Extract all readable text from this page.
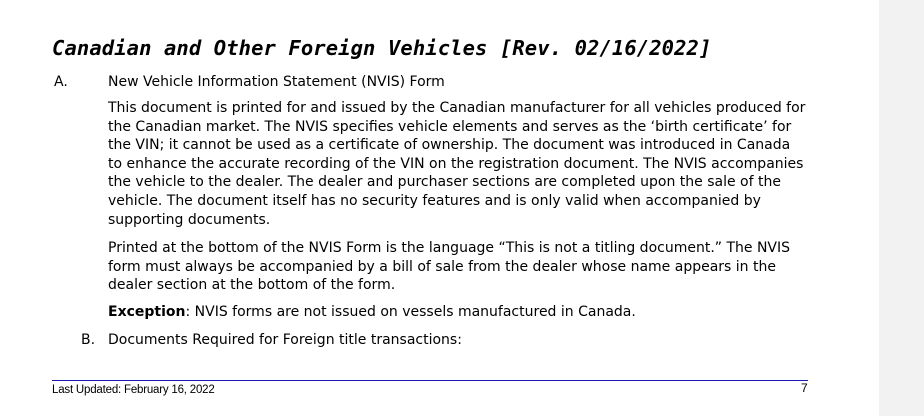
Canadian and Other Foreign Vehicles [Rev. 02/16/2022]
A.	New Vehicle Information Statement (NVIS) Form

This document is printed for and issued by the Canadian manufacturer for all vehicles produced for the Canadian market. The NVIS specifies vehicle elements and serves as the ‘birth certificate’ for the VIN; it cannot be used as a certificate of ownership. The document was introduced in Canada to enhance the accurate recording of the VIN on the registration document. The NVIS accompanies the vehicle to the dealer. The dealer and purchaser sections are completed upon the sale of the vehicle. The document itself has no security features and is only valid when accompanied by supporting documents.

Printed at the bottom of the NVIS Form is the language “This is not a titling document.” The NVIS form must always be accompanied by a bill of sale from the dealer whose name appears in the dealer section at the bottom of the form.

Exception: NVIS forms are not issued on vessels manufactured in Canada.

B. Documents Required for Foreign title transactions:
Last Updated: February 16, 2022	7
